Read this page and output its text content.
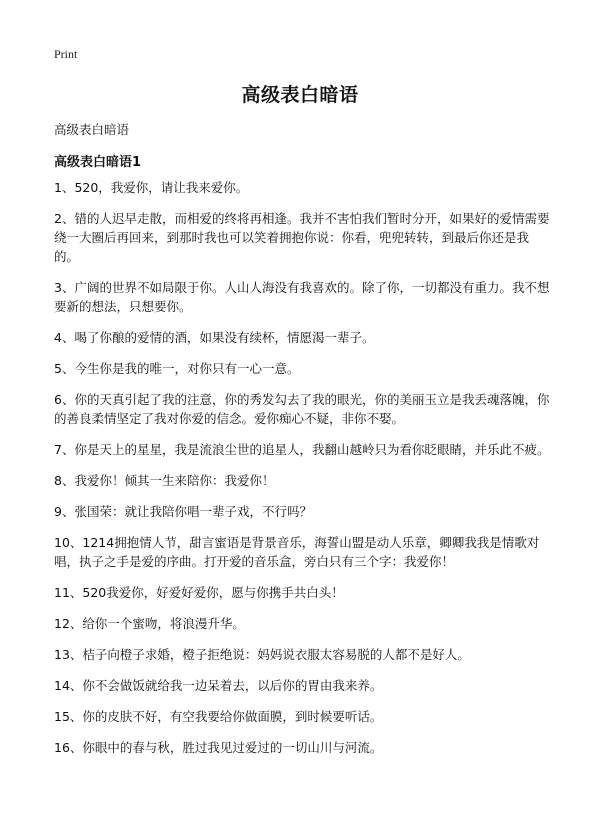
Print
高级表白暗语
高级表白暗语
高级表白暗语1
1、520，我爱你，请让我来爱你。
2、错的人迟早走散，而相爱的终将再相逢。我并不害怕我们暂时分开，如果好的爱情需要绕一大圈后再回来，到那时我也可以笑着拥抱你说：你看，兜兜转转，到最后你还是我的。
3、广阔的世界不如局限于你。人山人海没有我喜欢的。除了你，一切都没有重力。我不想要新的想法，只想要你。
4、喝了你酿的爱情的酒，如果没有续杯，情愿渴一辈子。
5、今生你是我的唯一，对你只有一心一意。
6、你的天真引起了我的注意，你的秀发勾去了我的眼光，你的美丽玉立是我丢魂落魄，你的善良柔情坚定了我对你爱的信念。爱你痴心不疑，非你不娶。
7、你是天上的星星，我是流浪尘世的追星人，我翻山越岭只为看你眨眼睛，并乐此不疲。
8、我爱你！倾其一生来陪你：我爱你！
9、张国荣：就让我陪你唱一辈子戏，不行吗？
10、1214拥抱情人节，甜言蜜语是背景音乐，海誓山盟是动人乐章，卿卿我我是情歌对唱，执子之手是爱的序曲。打开爱的音乐盒，旁白只有三个字：我爱你！
11、520我爱你，好爱好爱你，愿与你携手共白头！
12、给你一个蜜吻，将浪漫升华。
13、桔子向橙子求婚，橙子拒绝说：妈妈说衣服太容易脱的人都不是好人。
14、你不会做饭就给我一边呆着去，以后你的胃由我来养。
15、你的皮肤不好，有空我要给你做面膜，到时候要听话。
16、你眼中的春与秋，胜过我见过爱过的一切山川与河流。
